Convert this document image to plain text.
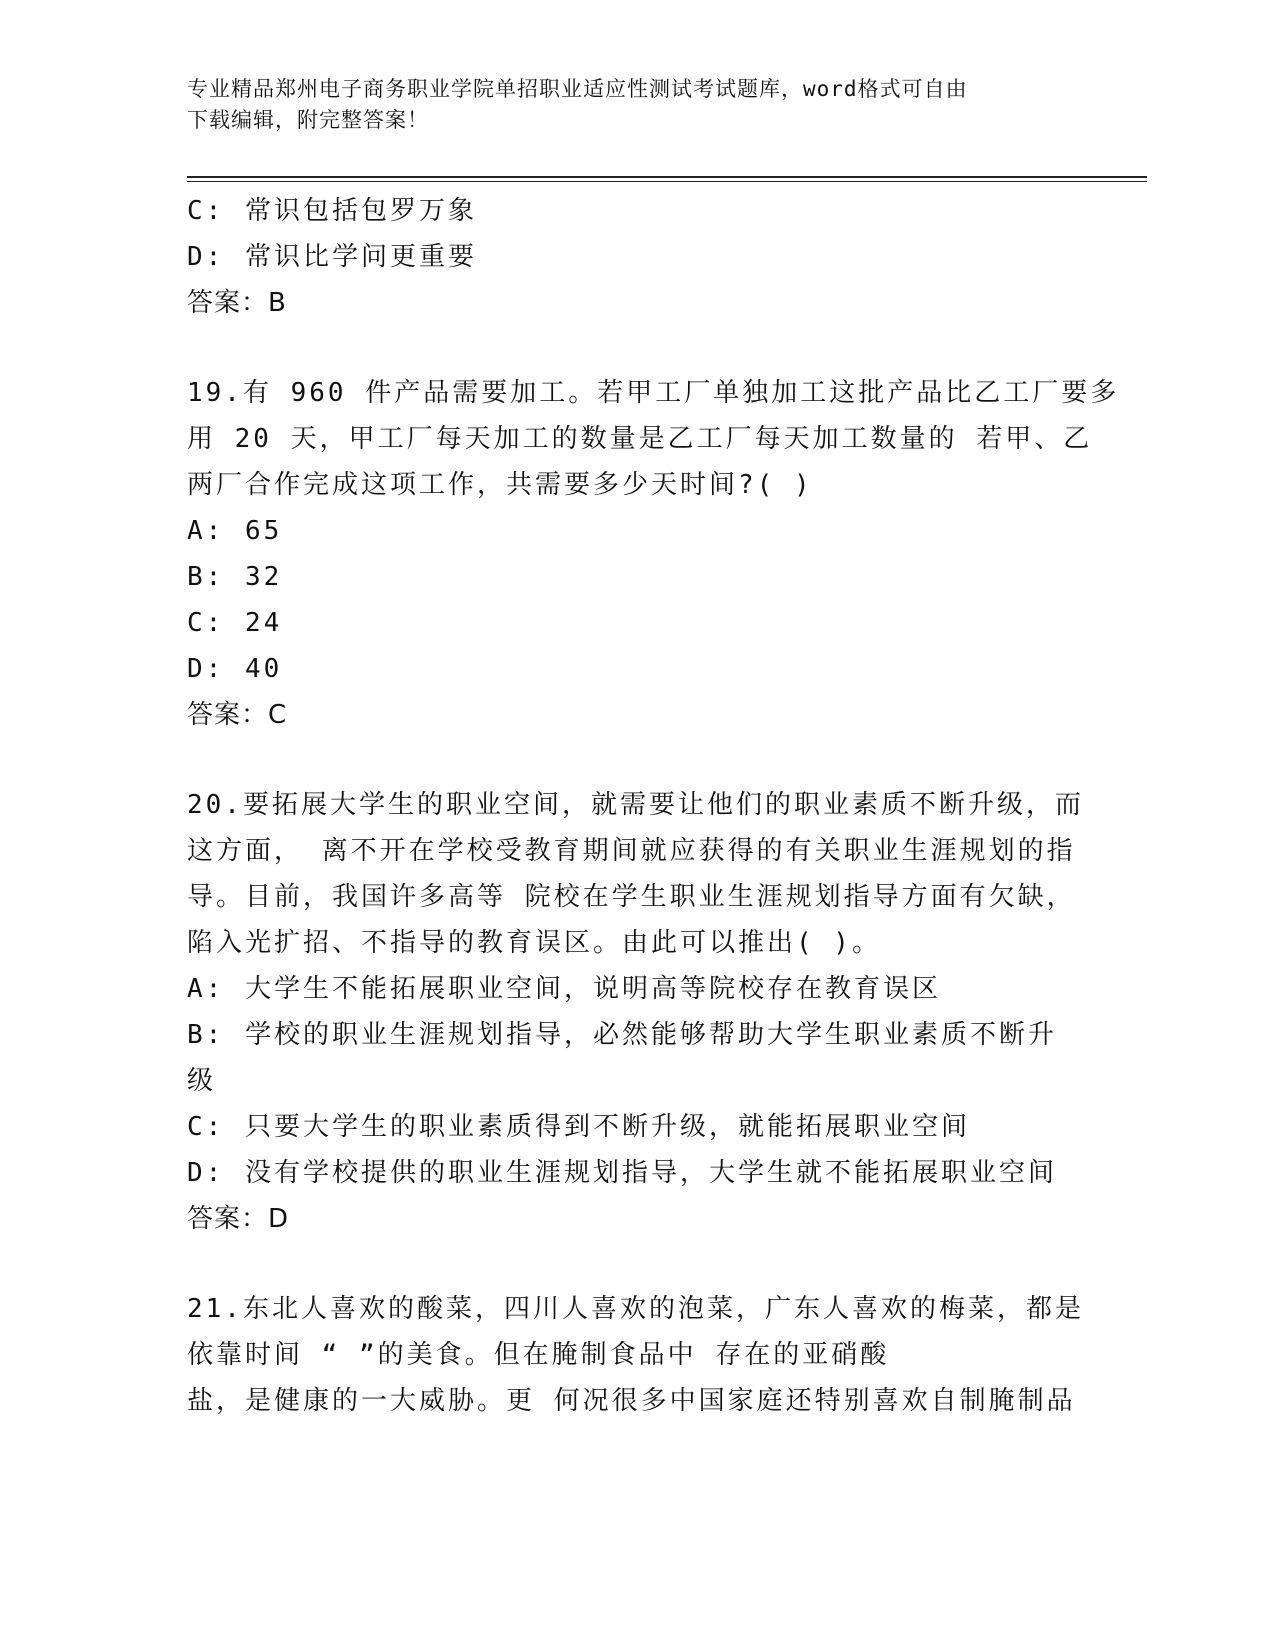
专业精品郑州电子商务职业学院单招职业适应性测试考试题库，word格式可自由
下载编辑，附完整答案！
C: 常识包括包罗万象
D: 常识比学问更重要
答案：B
19.有 960 件产品需要加工。若甲工厂单独加工这批产品比乙工厂要多
用 20 天，甲工厂每天加工的数量是乙工厂每天加工数量的 若甲、乙
两厂合作完成这项工作，共需要多少天时间?( )
A: 65
B: 32
C: 24
D: 40
答案：C
20.要拓展大学生的职业空间，就需要让他们的职业素质不断升级，而
这方面， 离不开在学校受教育期间就应获得的有关职业生涯规划的指
导。目前，我国许多高等 院校在学生职业生涯规划指导方面有欠缺，
陷入光扩招、不指导的教育误区。由此可以推出( )。
A: 大学生不能拓展职业空间，说明高等院校存在教育误区
B: 学校的职业生涯规划指导，必然能够帮助大学生职业素质不断升
级
C: 只要大学生的职业素质得到不断升级，就能拓展职业空间
D: 没有学校提供的职业生涯规划指导，大学生就不能拓展职业空间
答案：D
21.东北人喜欢的酸菜，四川人喜欢的泡菜，广东人喜欢的梅菜，都是
依靠时间 “ ”的美食。但在腌制食品中 存在的亚硝酸
盐，是健康的一大威胁。更 何况很多中国家庭还特别喜欢自制腌制品
